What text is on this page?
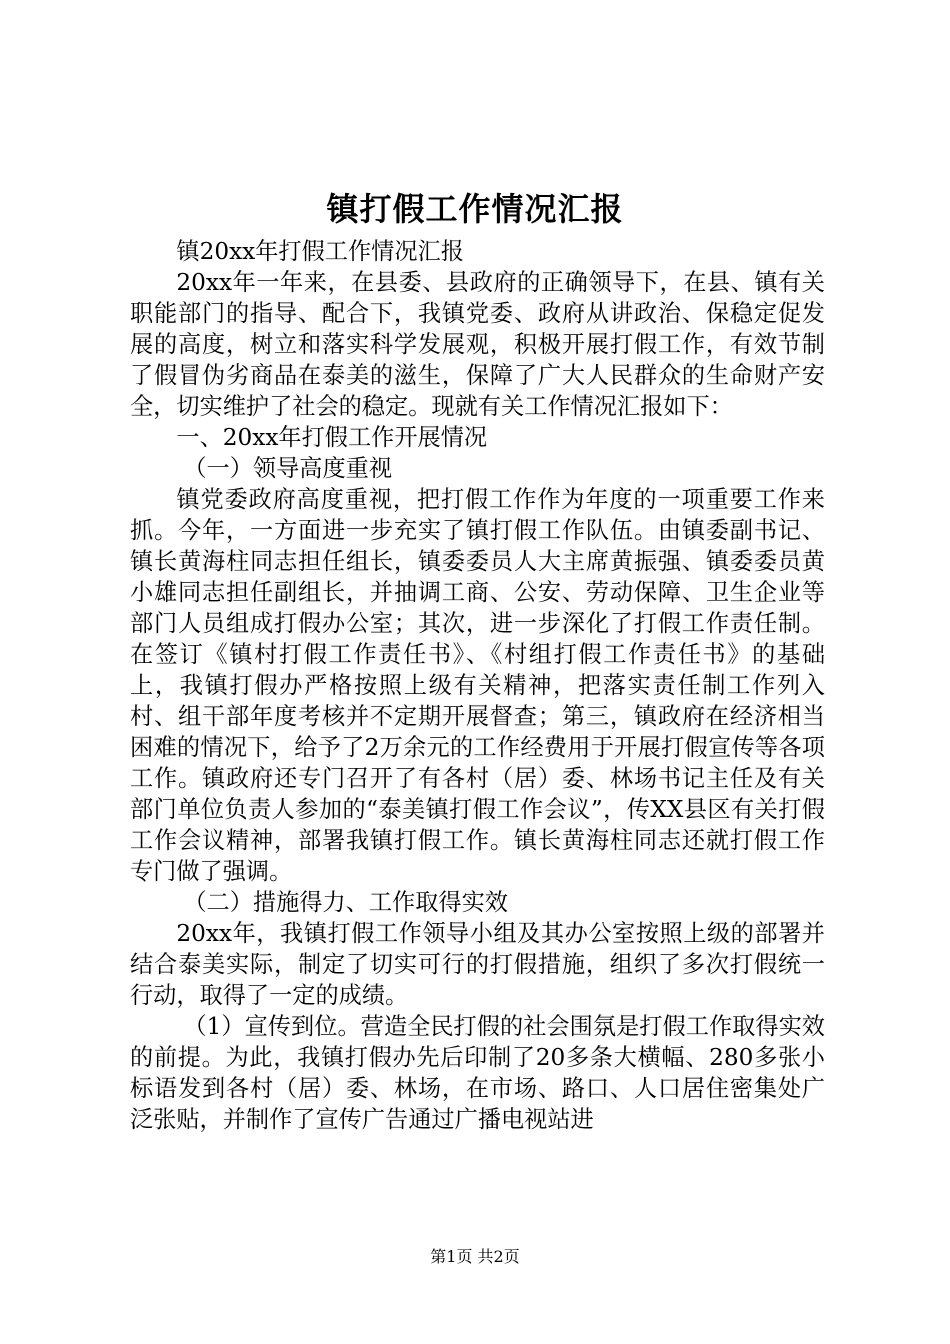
镇打假工作情况汇报

镇20xx年打假工作情况汇报

20xx年一年来，在县委、县政府的正确领导下，在县、镇有关职能部门的指导、配合下，我镇党委、政府从讲政治、保稳定促发展的高度，树立和落实科学发展观，积极开展打假工作，有效节制了假冒伪劣商品在泰美的滋生，保障了广大人民群众的生命财产安全，切实维护了社会的稳定。现就有关工作情况汇报如下：

一、20xx年打假工作开展情况

（一）领导高度重视

镇党委政府高度重视，把打假工作作为年度的一项重要工作来抓。今年，一方面进一步充实了镇打假工作队伍。由镇委副书记、镇长黄海柱同志担任组长，镇委委员人大主席黄振强、镇委委员黄小雄同志担任副组长，并抽调工商、公安、劳动保障、卫生企业等部门人员组成打假办公室；其次，进一步深化了打假工作责任制。在签订《镇村打假工作责任书》、《村组打假工作责任书》的基础上，我镇打假办严格按照上级有关精神，把落实责任制工作列入村、组干部年度考核并不定期开展督查；第三，镇政府在经济相当困难的情况下，给予了2万余元的工作经费用于开展打假宣传等各项工作。镇政府还专门召开了有各村（居）委、林场书记主任及有关部门单位负责人参加的“泰美镇打假工作会议”，传XX县区有关打假工作会议精神，部署我镇打假工作。镇长黄海柱同志还就打假工作专门做了强调。

（二）措施得力、工作取得实效

20xx年，我镇打假工作领导小组及其办公室按照上级的部署并结合泰美实际，制定了切实可行的打假措施，组织了多次打假统一行动，取得了一定的成绩。

（1）宣传到位。营造全民打假的社会围氛是打假工作取得实效的前提。为此，我镇打假办先后印制了20多条大横幅、280多张小标语发到各村（居）委、林场，在市场、路口、人口居住密集处广泛张贴，并制作了宣传广告通过广播电视站进

第1页 共2页
